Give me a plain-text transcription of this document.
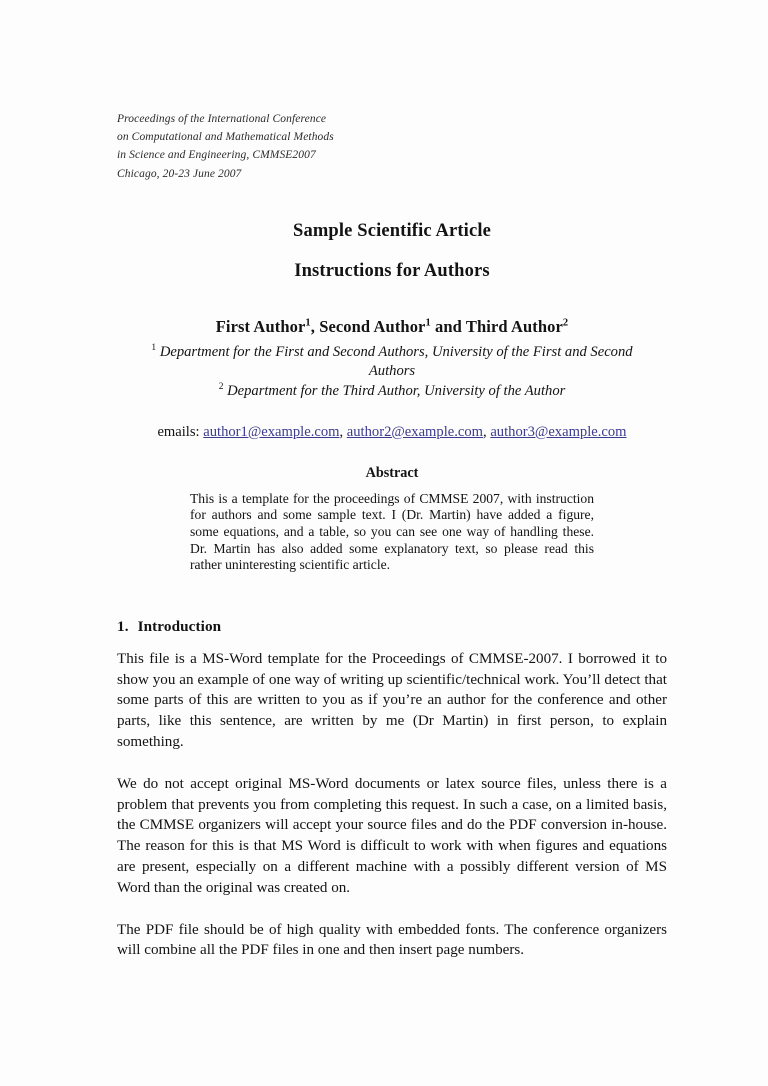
Proceedings of the International Conference
on Computational and Mathematical Methods
in Science and Engineering, CMMSE2007
Chicago, 20-23 June 2007
Sample Scientific Article
Instructions for Authors
First Author$^1$, Second Author$^1$ and Third Author$^2$
$^1$ Department for the First and Second Authors, University of the First and Second Authors
$^2$ Department for the Third Author, University of the Author
emails: author1@example.com, author2@example.com, author3@example.com
Abstract
This is a template for the proceedings of CMMSE 2007, with instruction for authors and some sample text. I (Dr. Martin) have added a figure, some equations, and a table, so you can see one way of handling these. Dr. Martin has also added some explanatory text, so please read this rather uninteresting scientific article.
1. Introduction

This file is a MS-Word template for the Proceedings of CMMSE-2007. I borrowed it to show you an example of one way of writing up scientific/technical work. You’ll detect that some parts of this are written to you as if you’re an author for the conference and other parts, like this sentence, are written by me (Dr Martin) in first person, to explain something.

We do not accept original MS-Word documents or latex source files, unless there is a problem that prevents you from completing this request. In such a case, on a limited basis, the CMMSE organizers will accept your source files and do the PDF conversion in-house. The reason for this is that MS Word is difficult to work with when figures and equations are present, especially on a different machine with a possibly different version of MS Word than the original was created on.

The PDF file should be of high quality with embedded fonts. The conference organizers will combine all the PDF files in one and then insert page numbers.
